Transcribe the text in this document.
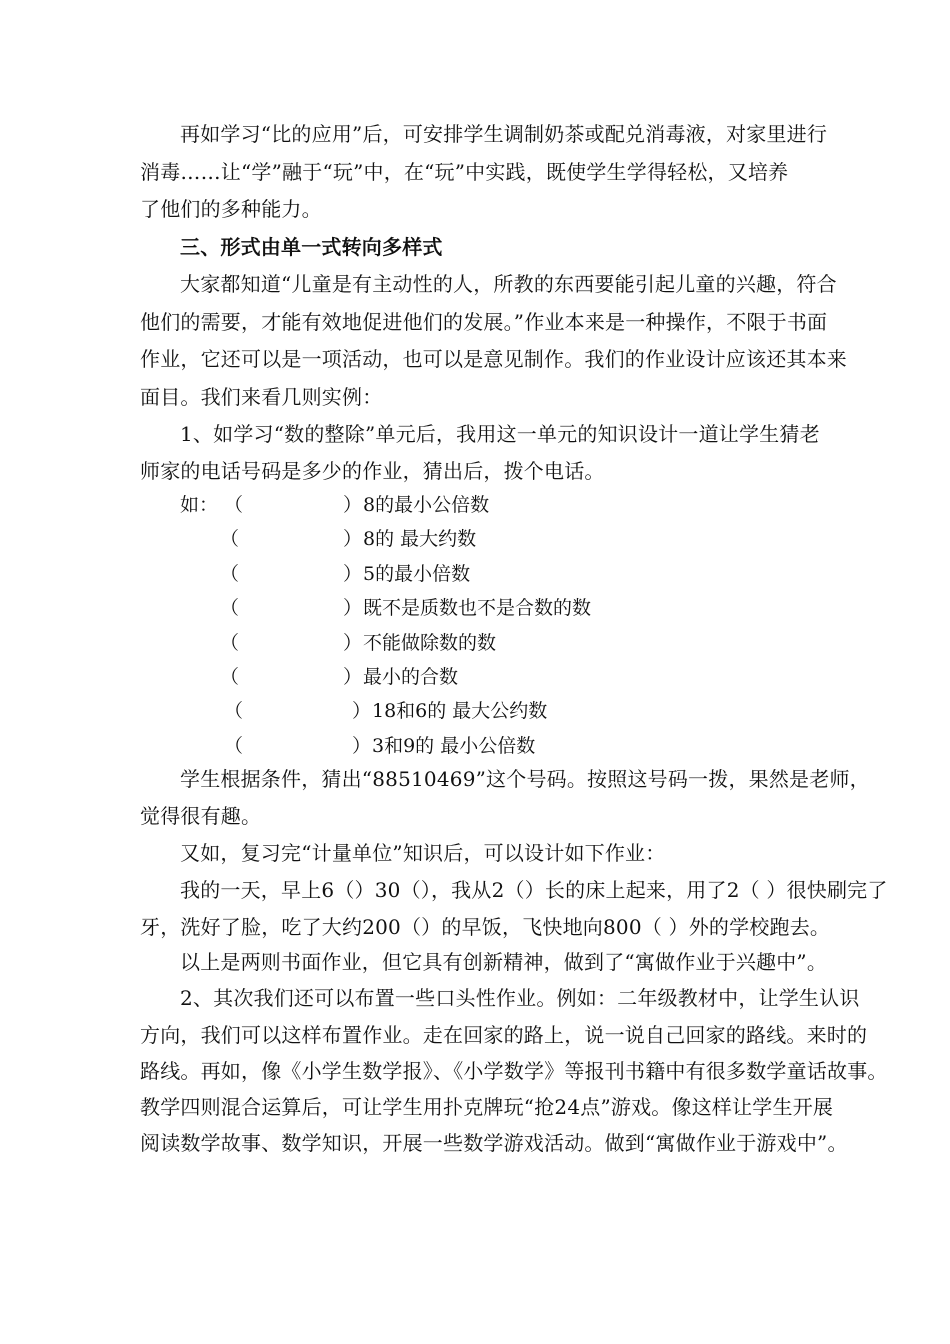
再如学习“比的应用”后，可安排学生调制奶茶或配兑消毒液，对家里进行
消毒……让“学”融于“玩”中，在“玩”中实践，既使学生学得轻松，又培养
了他们的多种能力。
三、形式由单一式转向多样式
大家都知道“儿童是有主动性的人，所教的东西要能引起儿童的兴趣，符合
他们的需要，才能有效地促进他们的发展。”作业本来是一种操作，不限于书面
作业，它还可以是一项活动，也可以是意见制作。我们的作业设计应该还其本来
面目。我们来看几则实例：
1、如学习“数的整除”单元后，我用这一单元的知识设计一道让学生猜老
师家的电话号码是多少的作业，猜出后，拨个电话。
如： （	） 8的最小公倍数
（	） 8的 最大约数
（	） 5的最小倍数
（	） 既不是质数也不是合数的数
（	） 不能做除数的数
（	） 最小的合数
（	） 18和6的 最大公约数
（	） 3和9的 最小公倍数
学生根据条件，猜出“88510469”这个号码。按照这号码一拨，果然是老师，
觉得很有趣。
又如，复习完“计量单位”知识后，可以设计如下作业：
我的一天，早上6（）30（），我从2（）长的床上起来，用了2（ ）很快刷完了
牙，洗好了脸，吃了大约200（）的早饭，飞快地向800（ ）外的学校跑去。
以上是两则书面作业，但它具有创新精神，做到了“寓做作业于兴趣中”。
2、其次我们还可以布置一些口头性作业。例如：二年级教材中，让学生认识
方向，我们可以这样布置作业。走在回家的路上，说一说自己回家的路线。来时的
路线。再如，像《小学生数学报》、《小学数学》等报刊书籍中有很多数学童话故事。
教学四则混合运算后，可让学生用扑克牌玩“抢24点”游戏。像这样让学生开展
阅读数学故事、数学知识，开展一些数学游戏活动。做到“寓做作业于游戏中”。
